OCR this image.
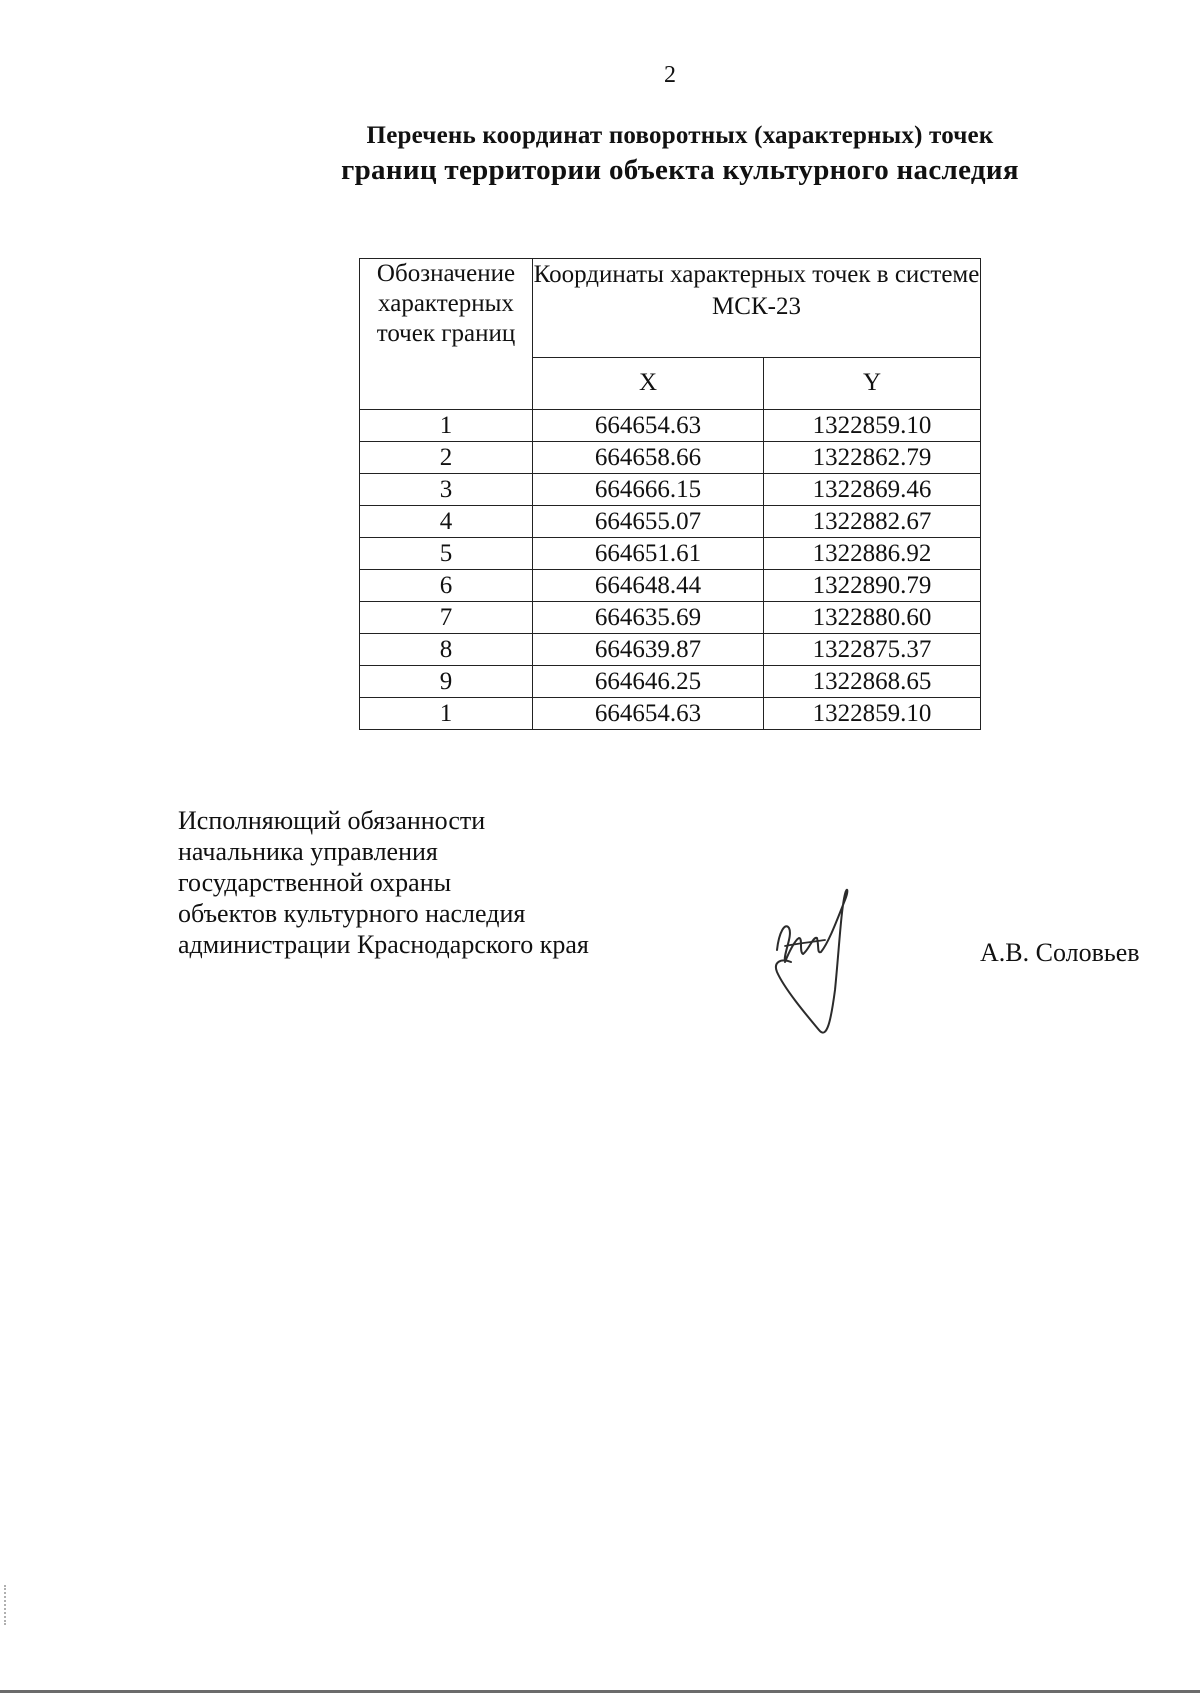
2
Перечень координат поворотных (характерных) точек
границ территории объекта культурного наследия
Обозначение характерных точек границ	Координаты характерных точек в системе МСК-23	
	X	Y
1	664654.63	1322859.10
2	664658.66	1322862.79
3	664666.15	1322869.46
4	664655.07	1322882.67
5	664651.61	1322886.92
6	664648.44	1322890.79
7	664635.69	1322880.60
8	664639.87	1322875.37
9	664646.25	1322868.65
1	664654.63	1322859.10
Исполняющий обязанности
начальника управления
государственной охраны
объектов культурного наследия
администрации Краснодарского края	А.В. Соловьев
